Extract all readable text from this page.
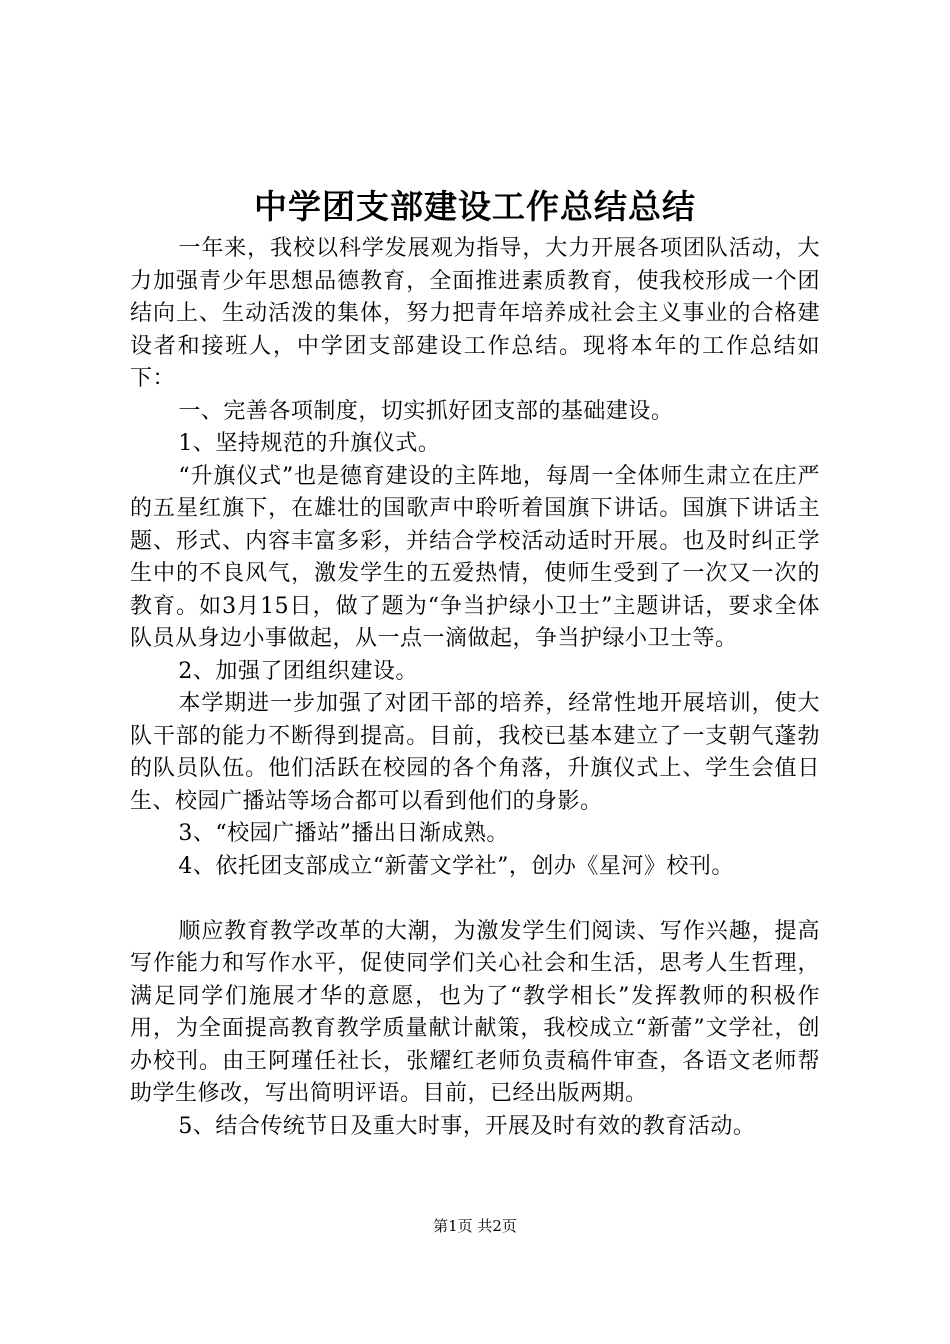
中学团支部建设工作总结总结

一年来，我校以科学发展观为指导，大力开展各项团队活动，大力加强青少年思想品德教育，全面推进素质教育，使我校形成一个团结向上、生动活泼的集体，努力把青年培养成社会主义事业的合格建设者和接班人，中学团支部建设工作总结。现将本年的工作总结如下：

一、完善各项制度，切实抓好团支部的基础建设。

1、坚持规范的升旗仪式。

“升旗仪式”也是德育建设的主阵地，每周一全体师生肃立在庄严的五星红旗下，在雄壮的国歌声中聆听着国旗下讲话。国旗下讲话主题、形式、内容丰富多彩，并结合学校活动适时开展。也及时纠正学生中的不良风气，激发学生的五爱热情，使师生受到了一次又一次的教育。如3月15日，做了题为“争当护绿小卫士”主题讲话，要求全体队员从身边小事做起，从一点一滴做起，争当护绿小卫士等。

2、加强了团组织建设。

本学期进一步加强了对团干部的培养，经常性地开展培训，使大队干部的能力不断得到提高。目前，我校已基本建立了一支朝气蓬勃的队员队伍。他们活跃在校园的各个角落，升旗仪式上、学生会值日生、校园广播站等场合都可以看到他们的身影。

3、“校园广播站”播出日渐成熟。

4、依托团支部成立“新蕾文学社”，创办《星河》校刊。

顺应教育教学改革的大潮，为激发学生们阅读、写作兴趣，提高写作能力和写作水平，促使同学们关心社会和生活，思考人生哲理，满足同学们施展才华的意愿，也为了“教学相长”发挥教师的积极作用，为全面提高教育教学质量献计献策，我校成立“新蕾”文学社，创办校刊。由王阿瑾任社长，张耀红老师负责稿件审查，各语文老师帮助学生修改，写出简明评语。目前，已经出版两期。

5、结合传统节日及重大时事，开展及时有效的教育活动。

第1页 共2页
